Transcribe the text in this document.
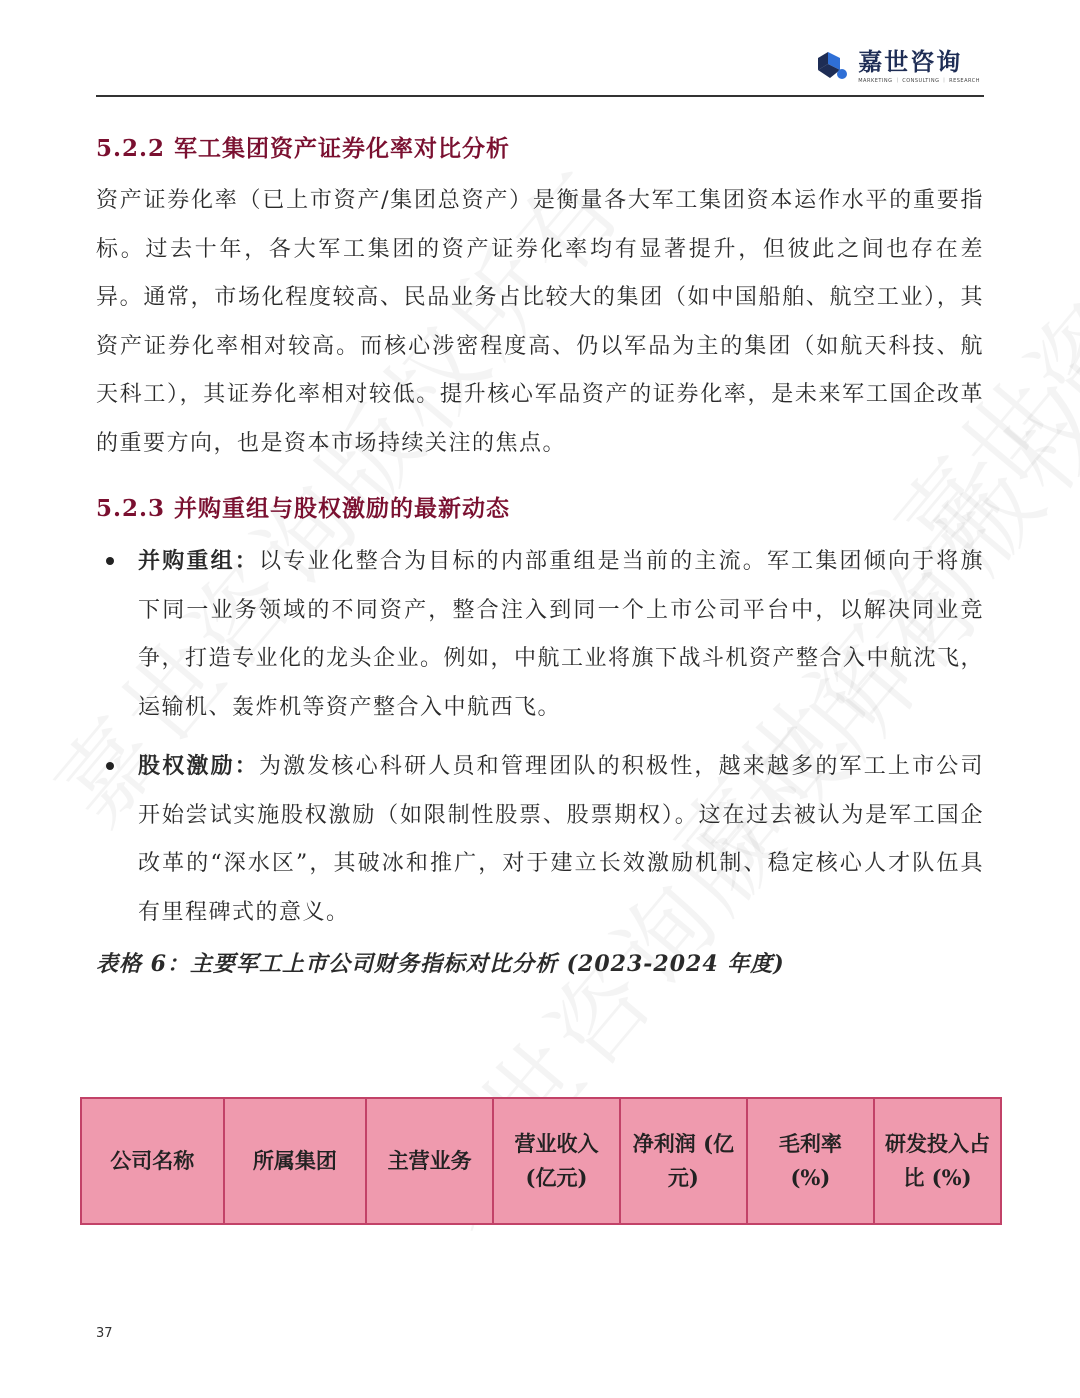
嘉世咨询
MARKETING ｜ CONSULTING ｜ RESEARCH
5.2.2 军工集团资产证券化率对比分析

资产证券化率（已上市资产/集团总资产）是衡量各大军工集团资本运作水平的重要指标。过去十年，各大军工集团的资产证券化率均有显著提升，但彼此之间也存在差异。通常，市场化程度较高、民品业务占比较大的集团（如中国船舶、航空工业），其资产证券化率相对较高。而核心涉密程度高、仍以军品为主的集团（如航天科技、航天科工），其证券化率相对较低。提升核心军品资产的证券化率，是未来军工国企改革的重要方向，也是资本市场持续关注的焦点。

5.2.3 并购重组与股权激励的最新动态
并购重组：以专业化整合为目标的内部重组是当前的主流。军工集团倾向于将旗下同一业务领域的不同资产，整合注入到同一个上市公司平台中，以解决同业竞争，打造专业化的龙头企业。例如，中航工业将旗下战斗机资产整合入中航沈飞，运输机、轰炸机等资产整合入中航西飞。
股权激励：为激发核心科研人员和管理团队的积极性，越来越多的军工上市公司开始尝试实施股权激励（如限制性股票、股票期权）。这在过去被认为是军工国企改革的“深水区”，其破冰和推广，对于建立长效激励机制、稳定核心人才队伍具有里程碑式的意义。
表格 6：主要军工上市公司财务指标对比分析 (2023-2024 年度)
公司名称	所属集团	主营业务	营业收入 (亿元)	净利润 (亿元)	毛利率 (%)	研发投入占比 (%)
37
